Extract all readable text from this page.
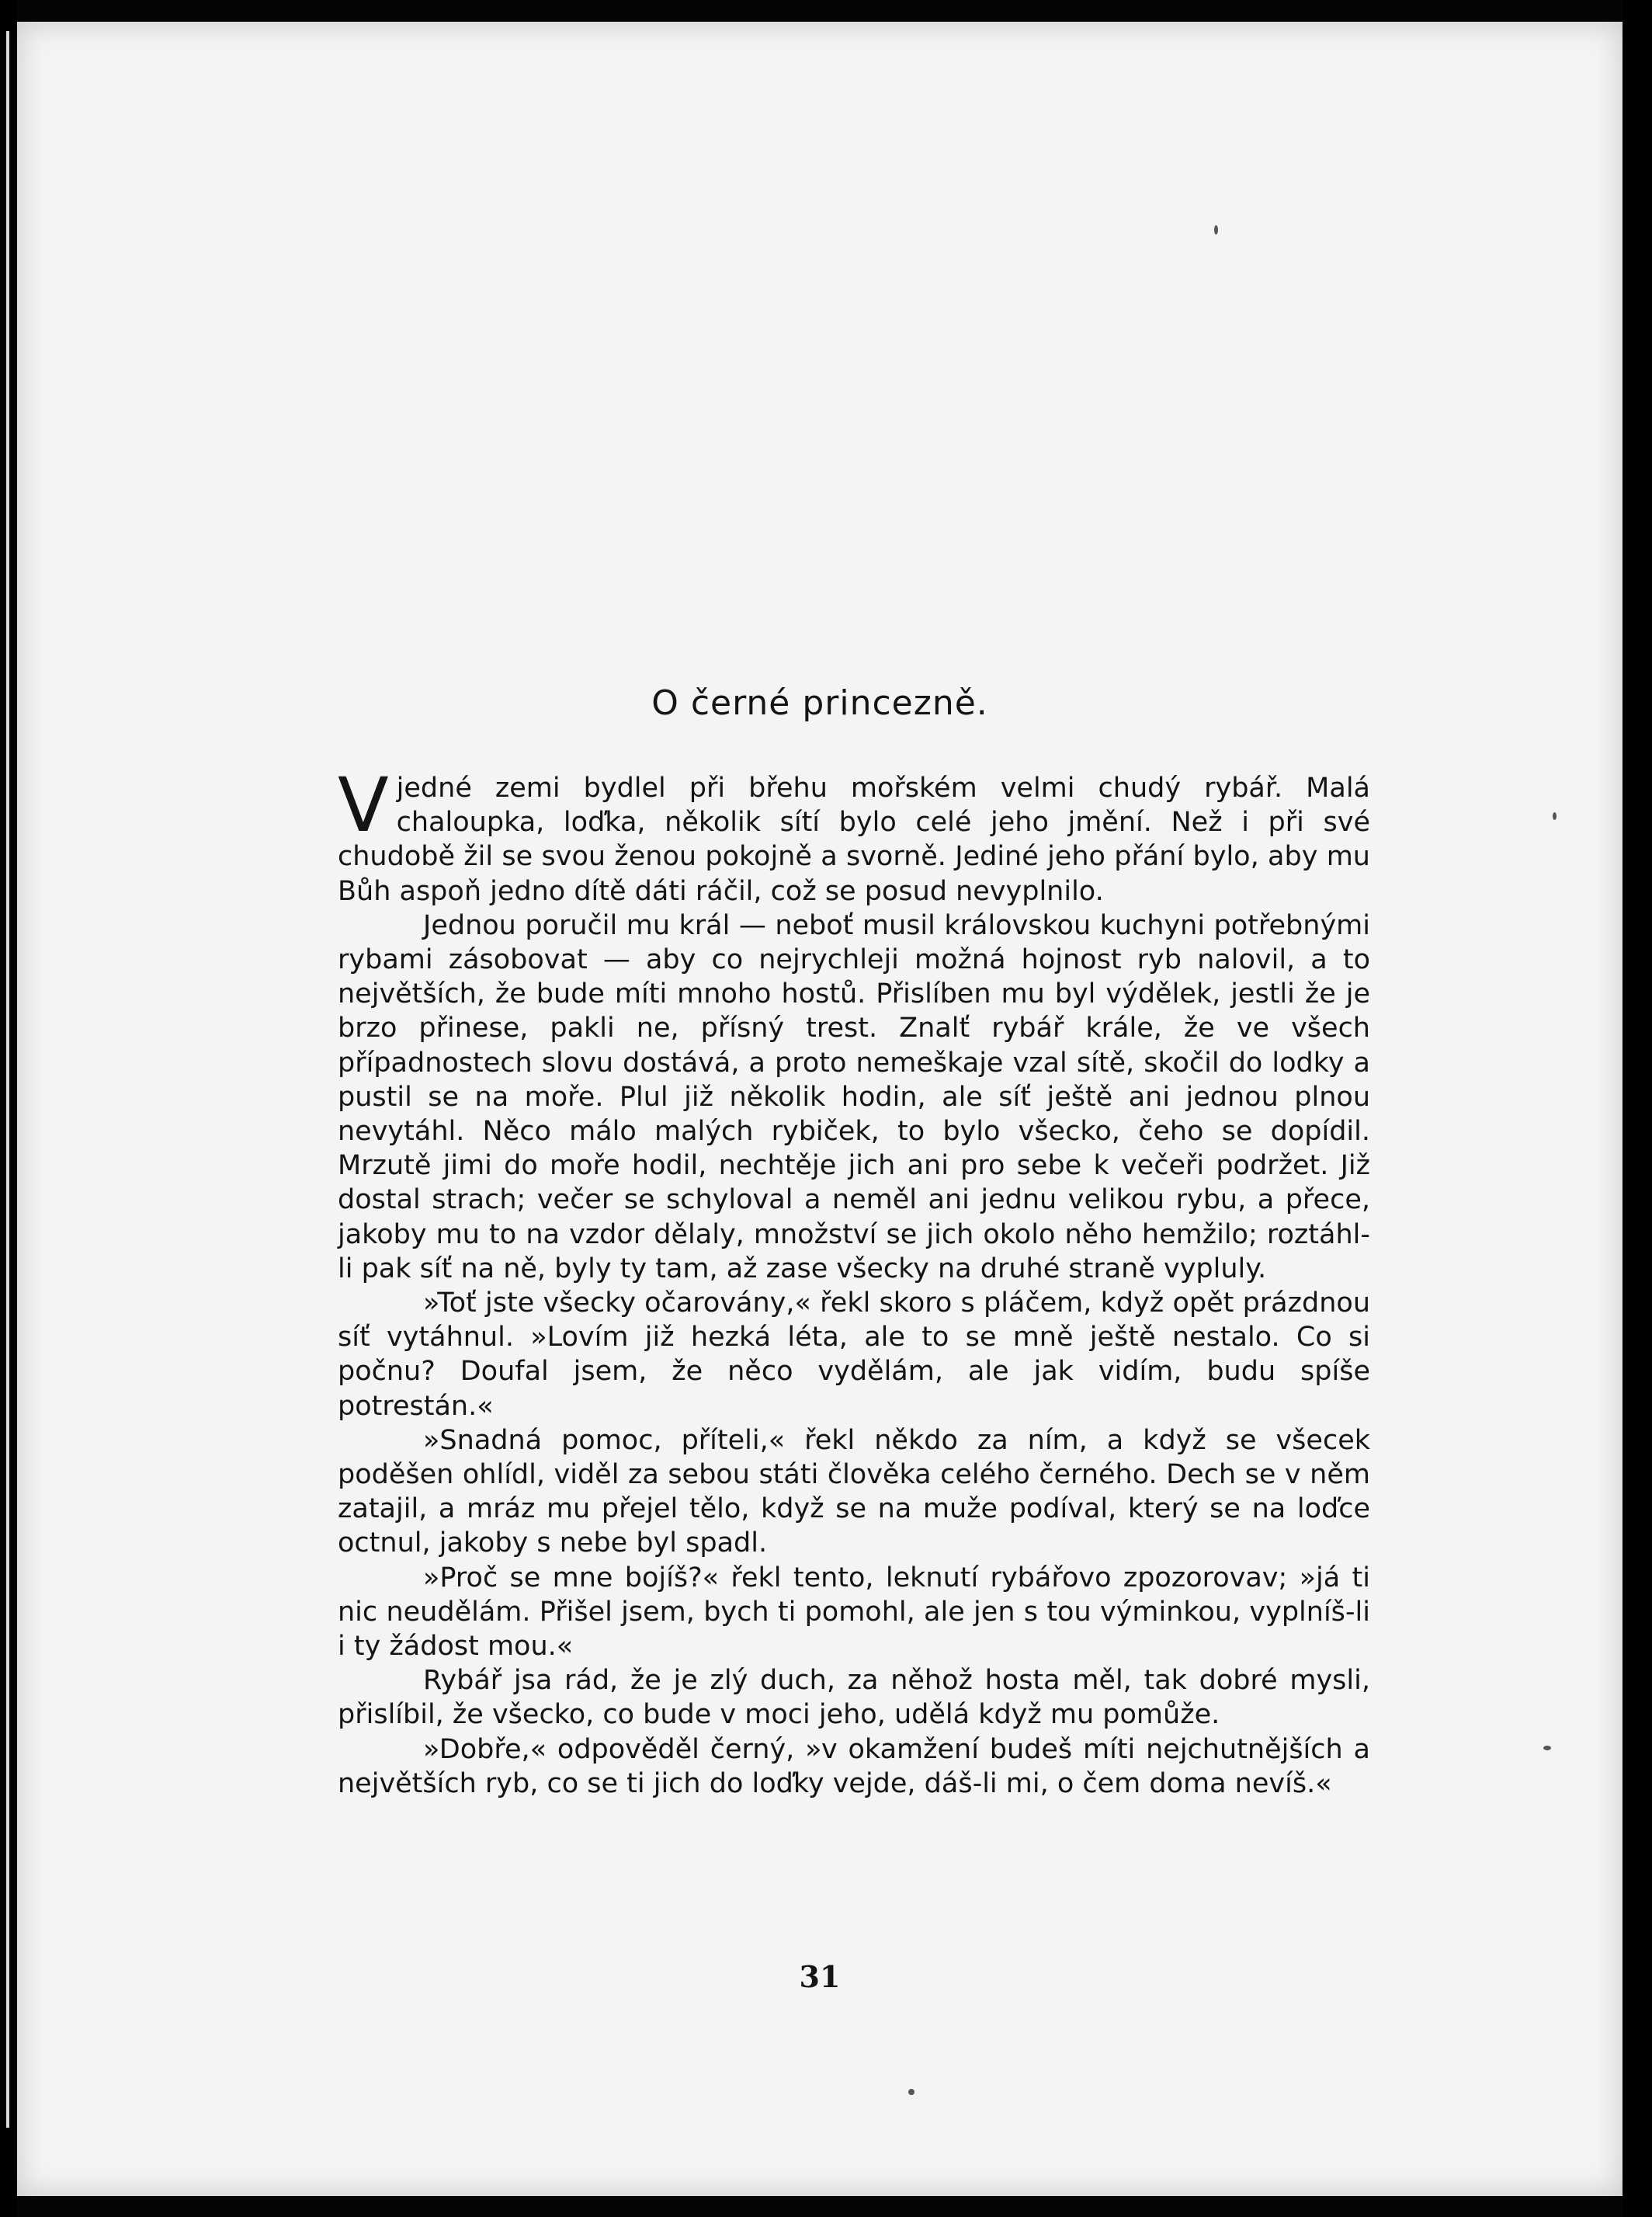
O černé princezně.

Vjedné zemi bydlel při břehu mořském velmi chudý rybář. Malá chaloupka, loďka, několik sítí bylo celé jeho jmění. Než i při své chudobě žil se svou ženou pokojně a svorně. Jediné jeho přání bylo, aby mu Bůh aspoň jedno dítě dáti ráčil, což se posud nevyplnilo.

Jednou poručil mu král — neboť musil královskou kuchyni potřebnými rybami zásobovat — aby co nejrychleji možná hojnost ryb nalovil, a to největších, že bude míti mnoho hostů. Přislíben mu byl výdělek, jestli že je brzo přinese, pakli ne, přísný trest. Znalť rybář krále, že ve všech případnostech slovu dostává, a proto nemeškaje vzal sítě, skočil do lodky a pustil se na moře. Plul již několik hodin, ale síť ještě ani jednou plnou nevytáhl. Něco málo malých rybiček, to bylo všecko, čeho se dopídil. Mrzutě jimi do moře hodil, nechtěje jich ani pro sebe k večeři podržet. Již dostal strach; večer se schyloval a neměl ani jednu velikou rybu, a přece, jakoby mu to na vzdor dělaly, množství se jich okolo něho hemžilo; roztáhl-li pak síť na ně, byly ty tam, až zase všecky na druhé straně vypluly.

»Toť jste všecky očarovány,« řekl skoro s pláčem, když opět prázdnou síť vytáhnul. »Lovím již hezká léta, ale to se mně ještě nestalo. Co si počnu? Doufal jsem, že něco vydělám, ale jak vidím, budu spíše potrestán.«

»Snadná pomoc, příteli,« řekl někdo za ním, a když se všecek poděšen ohlídl, viděl za sebou státi člověka celého černého. Dech se v něm zatajil, a mráz mu přejel tělo, když se na muže podíval, který se na loďce octnul, jakoby s nebe byl spadl.

»Proč se mne bojíš?« řekl tento, leknutí rybářovo zpozorovav; »já ti nic neudělám. Přišel jsem, bych ti pomohl, ale jen s tou výminkou, vyplníš-li i ty žádost mou.«

Rybář jsa rád, že je zlý duch, za něhož hosta měl, tak dobré mysli, přislíbil, že všecko, co bude v moci jeho, udělá když mu pomůže.

»Dobře,« odpověděl černý, »v okamžení budeš míti nejchutnějších a největších ryb, co se ti jich do loďky vejde, dáš-li mi, o čem doma nevíš.«

31
